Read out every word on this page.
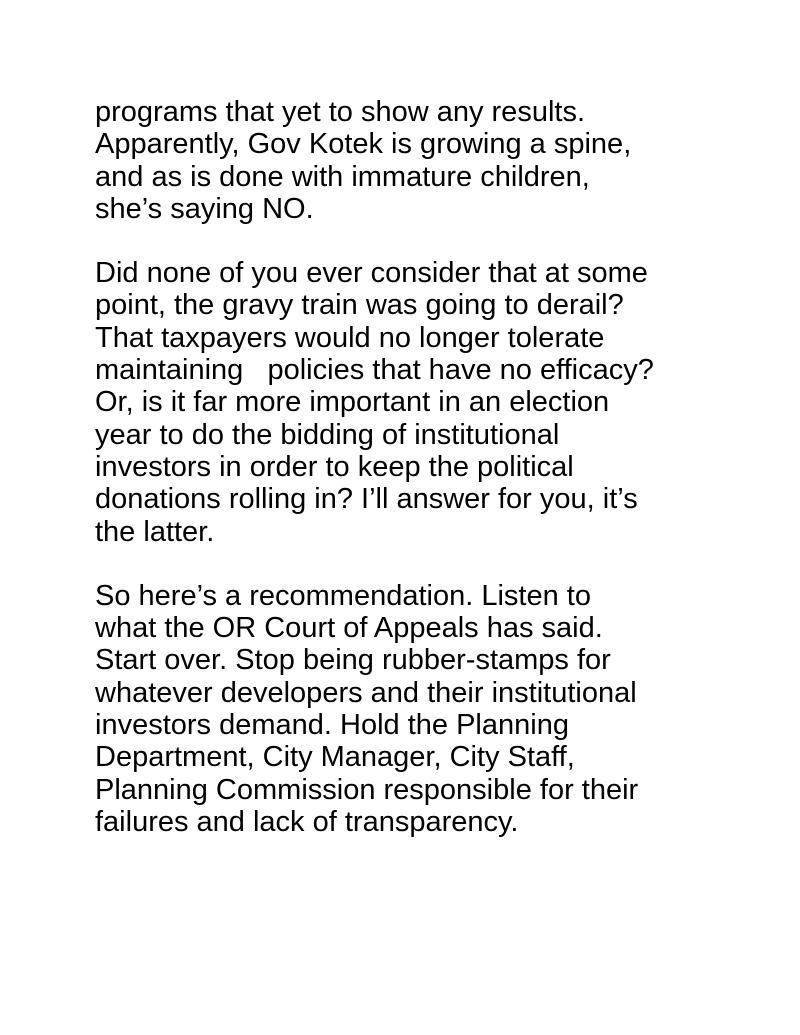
programs that yet to show any results.
Apparently, Gov Kotek is growing a spine,
and as is done with immature children,
she’s saying NO.

Did none of you ever consider that at some
point, the gravy train was going to derail?
That taxpayers would no longer tolerate
maintaining   policies that have no efficacy?
Or, is it far more important in an election
year to do the bidding of institutional
investors in order to keep the political
donations rolling in? I’ll answer for you, it’s
the latter.

So here’s a recommendation. Listen to
what the OR Court of Appeals has said.
Start over. Stop being rubber-stamps for
whatever developers and their institutional
investors demand. Hold the Planning
Department, City Manager, City Staff,
Planning Commission responsible for their
failures and lack of transparency.
